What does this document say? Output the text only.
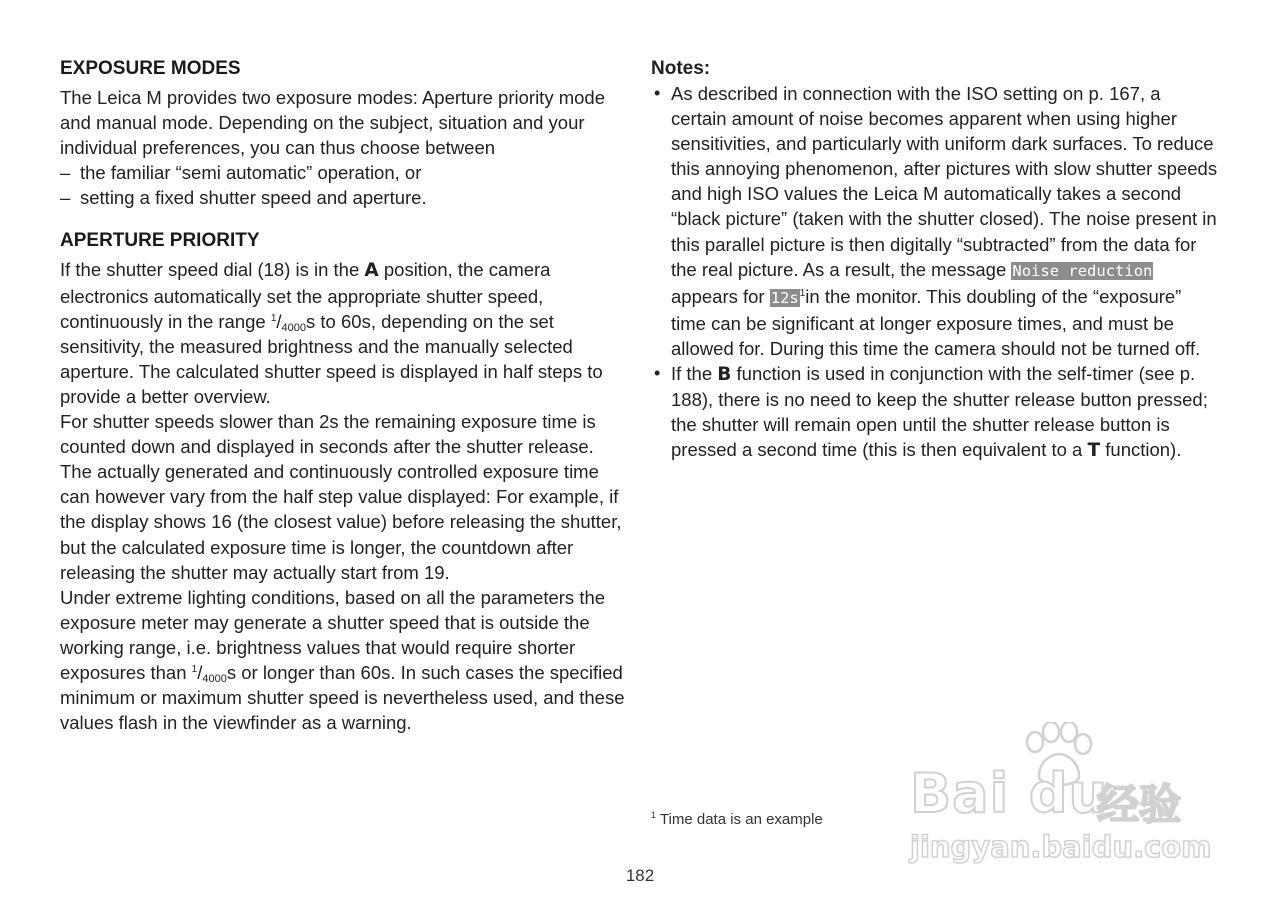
EXPOSURE MODES

The Leica M provides two exposure modes: Aperture priority mode and manual mode. Depending on the subject, situation and your individual preferences, you can thus choose between

– the familiar “semi automatic” operation, or
– setting a fixed shutter speed and aperture.
APERTURE PRIORITY

If the shutter speed dial (18) is in the A position, the camera electronics automatically set the appropriate shutter speed, continuously in the range $^1/_{4000}s$ to 60s, depending on the set sensitivity, the measured brightness and the manually selected aperture. The calculated shutter speed is displayed in half steps to provide a better overview.

For shutter speeds slower than 2s the remaining exposure time is counted down and displayed in seconds after the shutter release. The actually generated and continuously controlled exposure time can however vary from the half step value displayed: For example, if the display shows 16 (the closest value) before releasing the shutter, but the calculated exposure time is longer, the countdown after releasing the shutter may actually start from 19.

Under extreme lighting conditions, based on all the parameters the exposure meter may generate a shutter speed that is outside the working range, i.e. brightness values that would require shorter exposures than $^1/_{4000}s$ or longer than 60s. In such cases the specified minimum or maximum shutter speed is nevertheless used, and these values flash in the viewfinder as a warning.

Notes:
• As described in connection with the ISO setting on p. 167, a certain amount of noise becomes apparent when using higher sensitivities, and particularly with uniform dark surfaces. To reduce this annoying phenomenon, after pictures with slow shutter speeds and high ISO values the Leica M automatically takes a second “black picture” (taken with the shutter closed). The noise present in this parallel picture is then digitally “subtracted” from the data for the real picture. As a result, the message Noise reduction appears for $12s^1in$ the monitor. This doubling of the “exposure” time can be significant at longer exposure times, and must be allowed for. During this time the camera should not be turned off.

• If the B function is used in conjunction with the self-timer (see p. 188), there is no need to keep the shutter release button pressed; the shutter will remain open until the shutter release button is pressed a second time (this is then equivalent to a T function).

$^1$ Time data is an example
182
Bai du
经验
jingyan.baidu.com
